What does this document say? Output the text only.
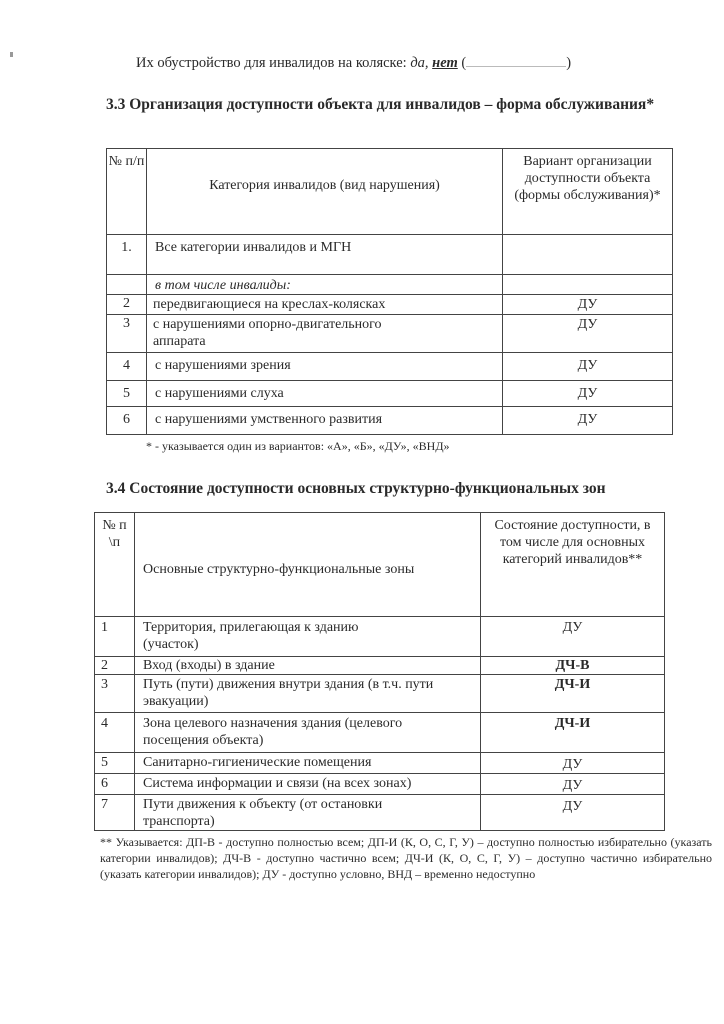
Их обустройство для инвалидов на коляске: да, нет (	)
3.3 Организация доступности объекта для инвалидов – форма обслуживания*
№ п/п	Категория инвалидов (вид нарушения)	Вариант организации доступности объекта (формы обслуживания)*
1.	Все категории инвалидов и МГН	
	в том числе инвалиды:	
2	передвигающиеся на креслах-колясках	ДУ
3	с нарушениями опорно-двигательного аппарата	ДУ
4	с нарушениями зрения	ДУ
5	с нарушениями слуха	ДУ
6	с нарушениями умственного развития	ДУ
* - указывается один из вариантов: «А», «Б», «ДУ», «ВНД»
3.4 Состояние доступности основных структурно-функциональных зон
№ п \п	Основные структурно-функциональные зоны	Состояние доступности, в том числе для основных категорий инвалидов**
1	Территория, прилегающая к зданию (участок)	ДУ
2	Вход (входы) в здание	ДЧ-В
3	Путь (пути) движения внутри здания (в т.ч. пути эвакуации)	ДЧ-И
4	Зона целевого назначения здания (целевого посещения объекта)	ДЧ-И
5	Санитарно-гигиенические помещения	ДУ
6	Система информации и связи (на всех зонах)	ДУ
7	Пути движения к объекту (от остановки транспорта)	ДУ
** Указывается: ДП-В - доступно полностью всем; ДП-И (К, О, С, Г, У) – доступно полностью избирательно (указать категории инвалидов); ДЧ-В - доступно частично всем; ДЧ-И (К, О, С, Г, У) – доступно частично избирательно (указать категории инвалидов); ДУ - доступно условно, ВНД – временно недоступно
